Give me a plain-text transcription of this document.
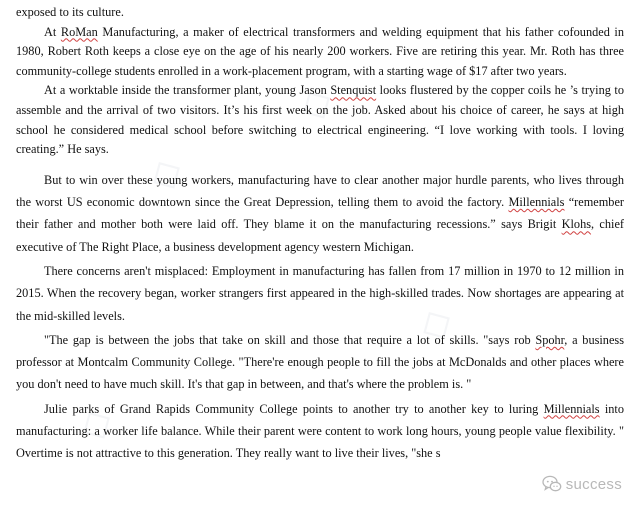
◇
◇
◇
◇

exposed to its culture.

At RoMan Manufacturing, a maker of electrical transformers and welding equipment that his father cofounded in 1980, Robert Roth keeps a close eye on the age of his nearly 200 workers. Five are retiring this year. Mr. Roth has three community-college students enrolled in a work-placement program, with a starting wage of $17 after two years.

At a worktable inside the transformer plant, young Jason Stenquist looks flustered by the copper coils he ’s trying to assemble and the arrival of two visitors. It’s his first week on the job. Asked about his choice of career, he says at high school he considered medical school before switching to electrical engineering. “I love working with tools. I loving creating.” He says.

But to win over these young workers, manufacturing have to clear another major hurdle parents, who lives through the worst US economic downtown since the Great Depression, telling them to avoid the factory. Millennials “remember their father and mother both were laid off. They blame it on the manufacturing recessions.” says Brigit Klohs, chief executive of The Right Place, a business development agency western Michigan.

There concerns aren't misplaced: Employment in manufacturing has fallen from 17 million in 1970 to 12 million in 2015. When the recovery began, worker strangers first appeared in the high-skilled trades. Now shortages are appearing at the mid-skilled levels.

"The gap is between the jobs that take on skill and those that require a lot of skills. "says rob Spohr, a business professor at Montcalm Community College. "There're enough people to fill the jobs at McDonalds and other places where you don't need to have much skill. It's that gap in between, and that's where the problem is. "

Julie parks of Grand Rapids Community College points to another try to another key to luring Millennials into manufacturing: a worker life balance. While their parent were content to work long hours, young people value flexibility. " Overtime is not attractive to this generation. They really want to live their lives, "she s

success
